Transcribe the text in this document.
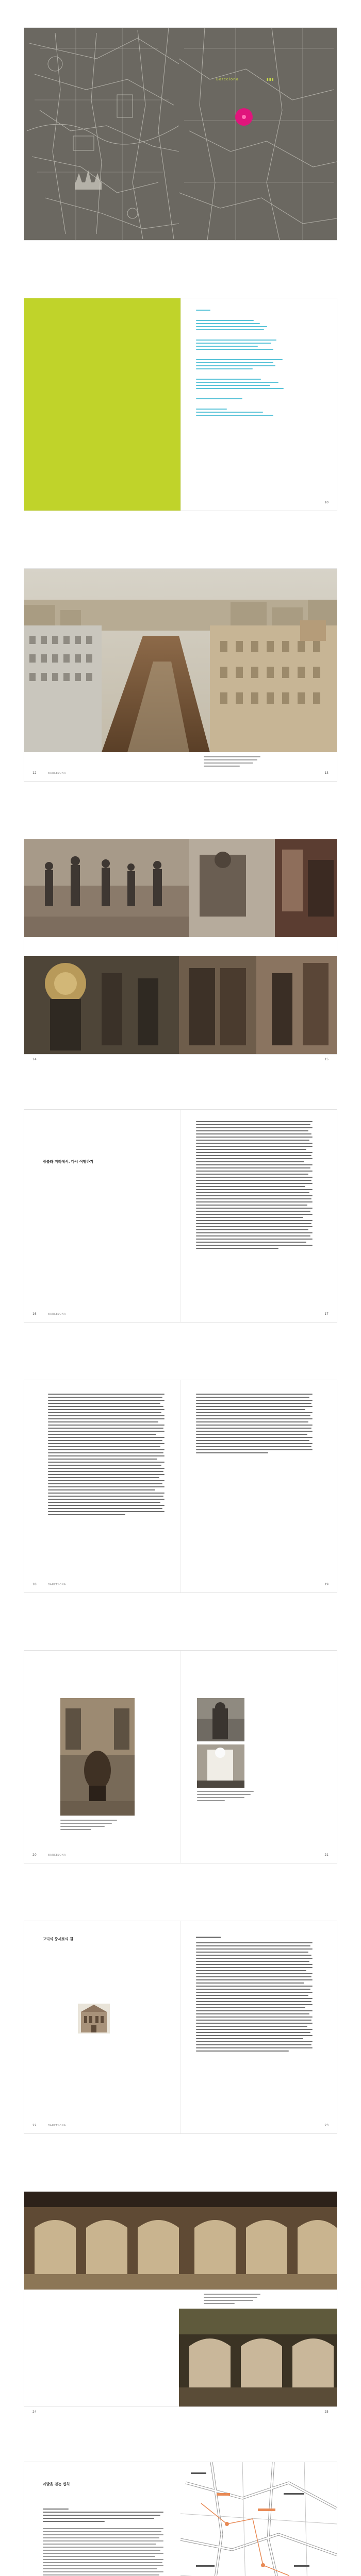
Barcelona	▮▮▮
10
12	BARCELONA	13
14	15
람블라 거리에서, 다시 여행하기
16	BARCELONA	17
18	BARCELONA	19
20	BARCELONA	21
고딕의 중세로의 길
22	BARCELONA	23
24	25
라발을 걷는 법칙
